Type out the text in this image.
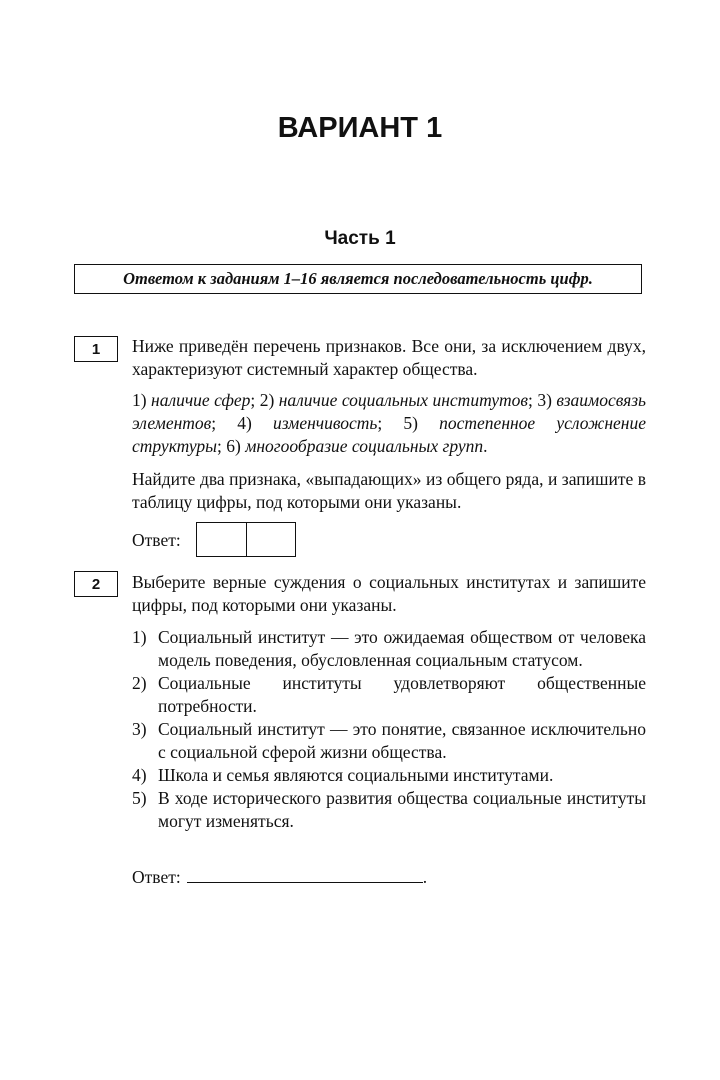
ВАРИАНТ 1
Часть 1
Ответом к заданиям 1–16 является последовательность цифр.
1	Ниже приведён перечень признаков. Все они, за исключением двух, характеризуют системный характер общества.

1) наличие сфер; 2) наличие социальных институтов; 3) взаимосвязь элементов; 4) изменчивость; 5) постепенное усложнение структуры; 6) многообразие социальных групп.

Найдите два признака, «выпадающих» из общего ряда, и запишите в таблицу цифры, под которыми они указаны.

Ответ:
2	Выберите верные суждения о социальных институтах и запишите цифры, под которыми они указаны.

1) Социальный институт — это ожидаемая обществом от человека модель поведения, обусловленная социальным статусом.
2) Социальные институты удовлетворяют общественные потребности.
3) Социальный институт — это понятие, связанное исключительно с социальной сферой жизни общества.
4) Школа и семья являются социальными институтами.
5) В ходе исторического развития общества социальные институты могут изменяться.
Ответ:	.
